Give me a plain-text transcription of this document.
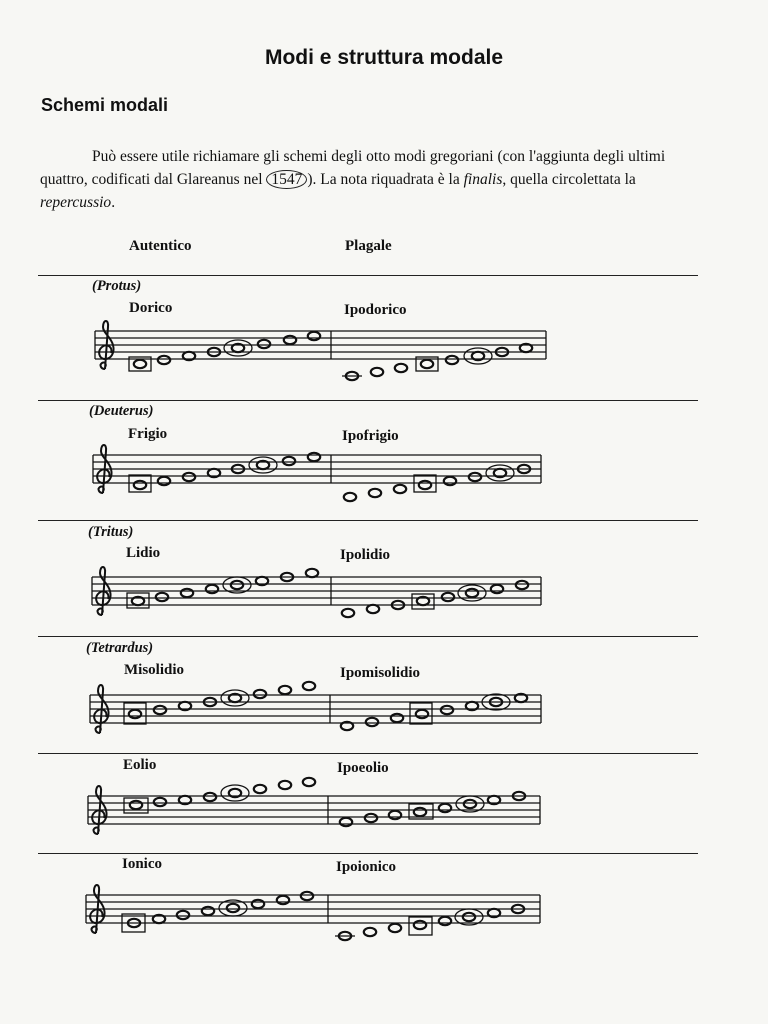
Modi e struttura modale
Schemi modali
Può essere utile richiamare gli schemi degli otto modi gregoriani (con l'aggiunta degli ultimi quattro, codificati dal Glareanus nel 1547 ). La nota riquadrata è la finalis, quella circolettata la repercussio.
Autentico	Plagale
(Protus)
Dorico	Ipodorico
(Deuterus)
Frigio	Ipofrigio
(Tritus)
Lidio	Ipolidio
(Tetrardus)
Misolidio	Ipomisolidio
Eolio	Ipoeolio
Ionico	Ipoionico
